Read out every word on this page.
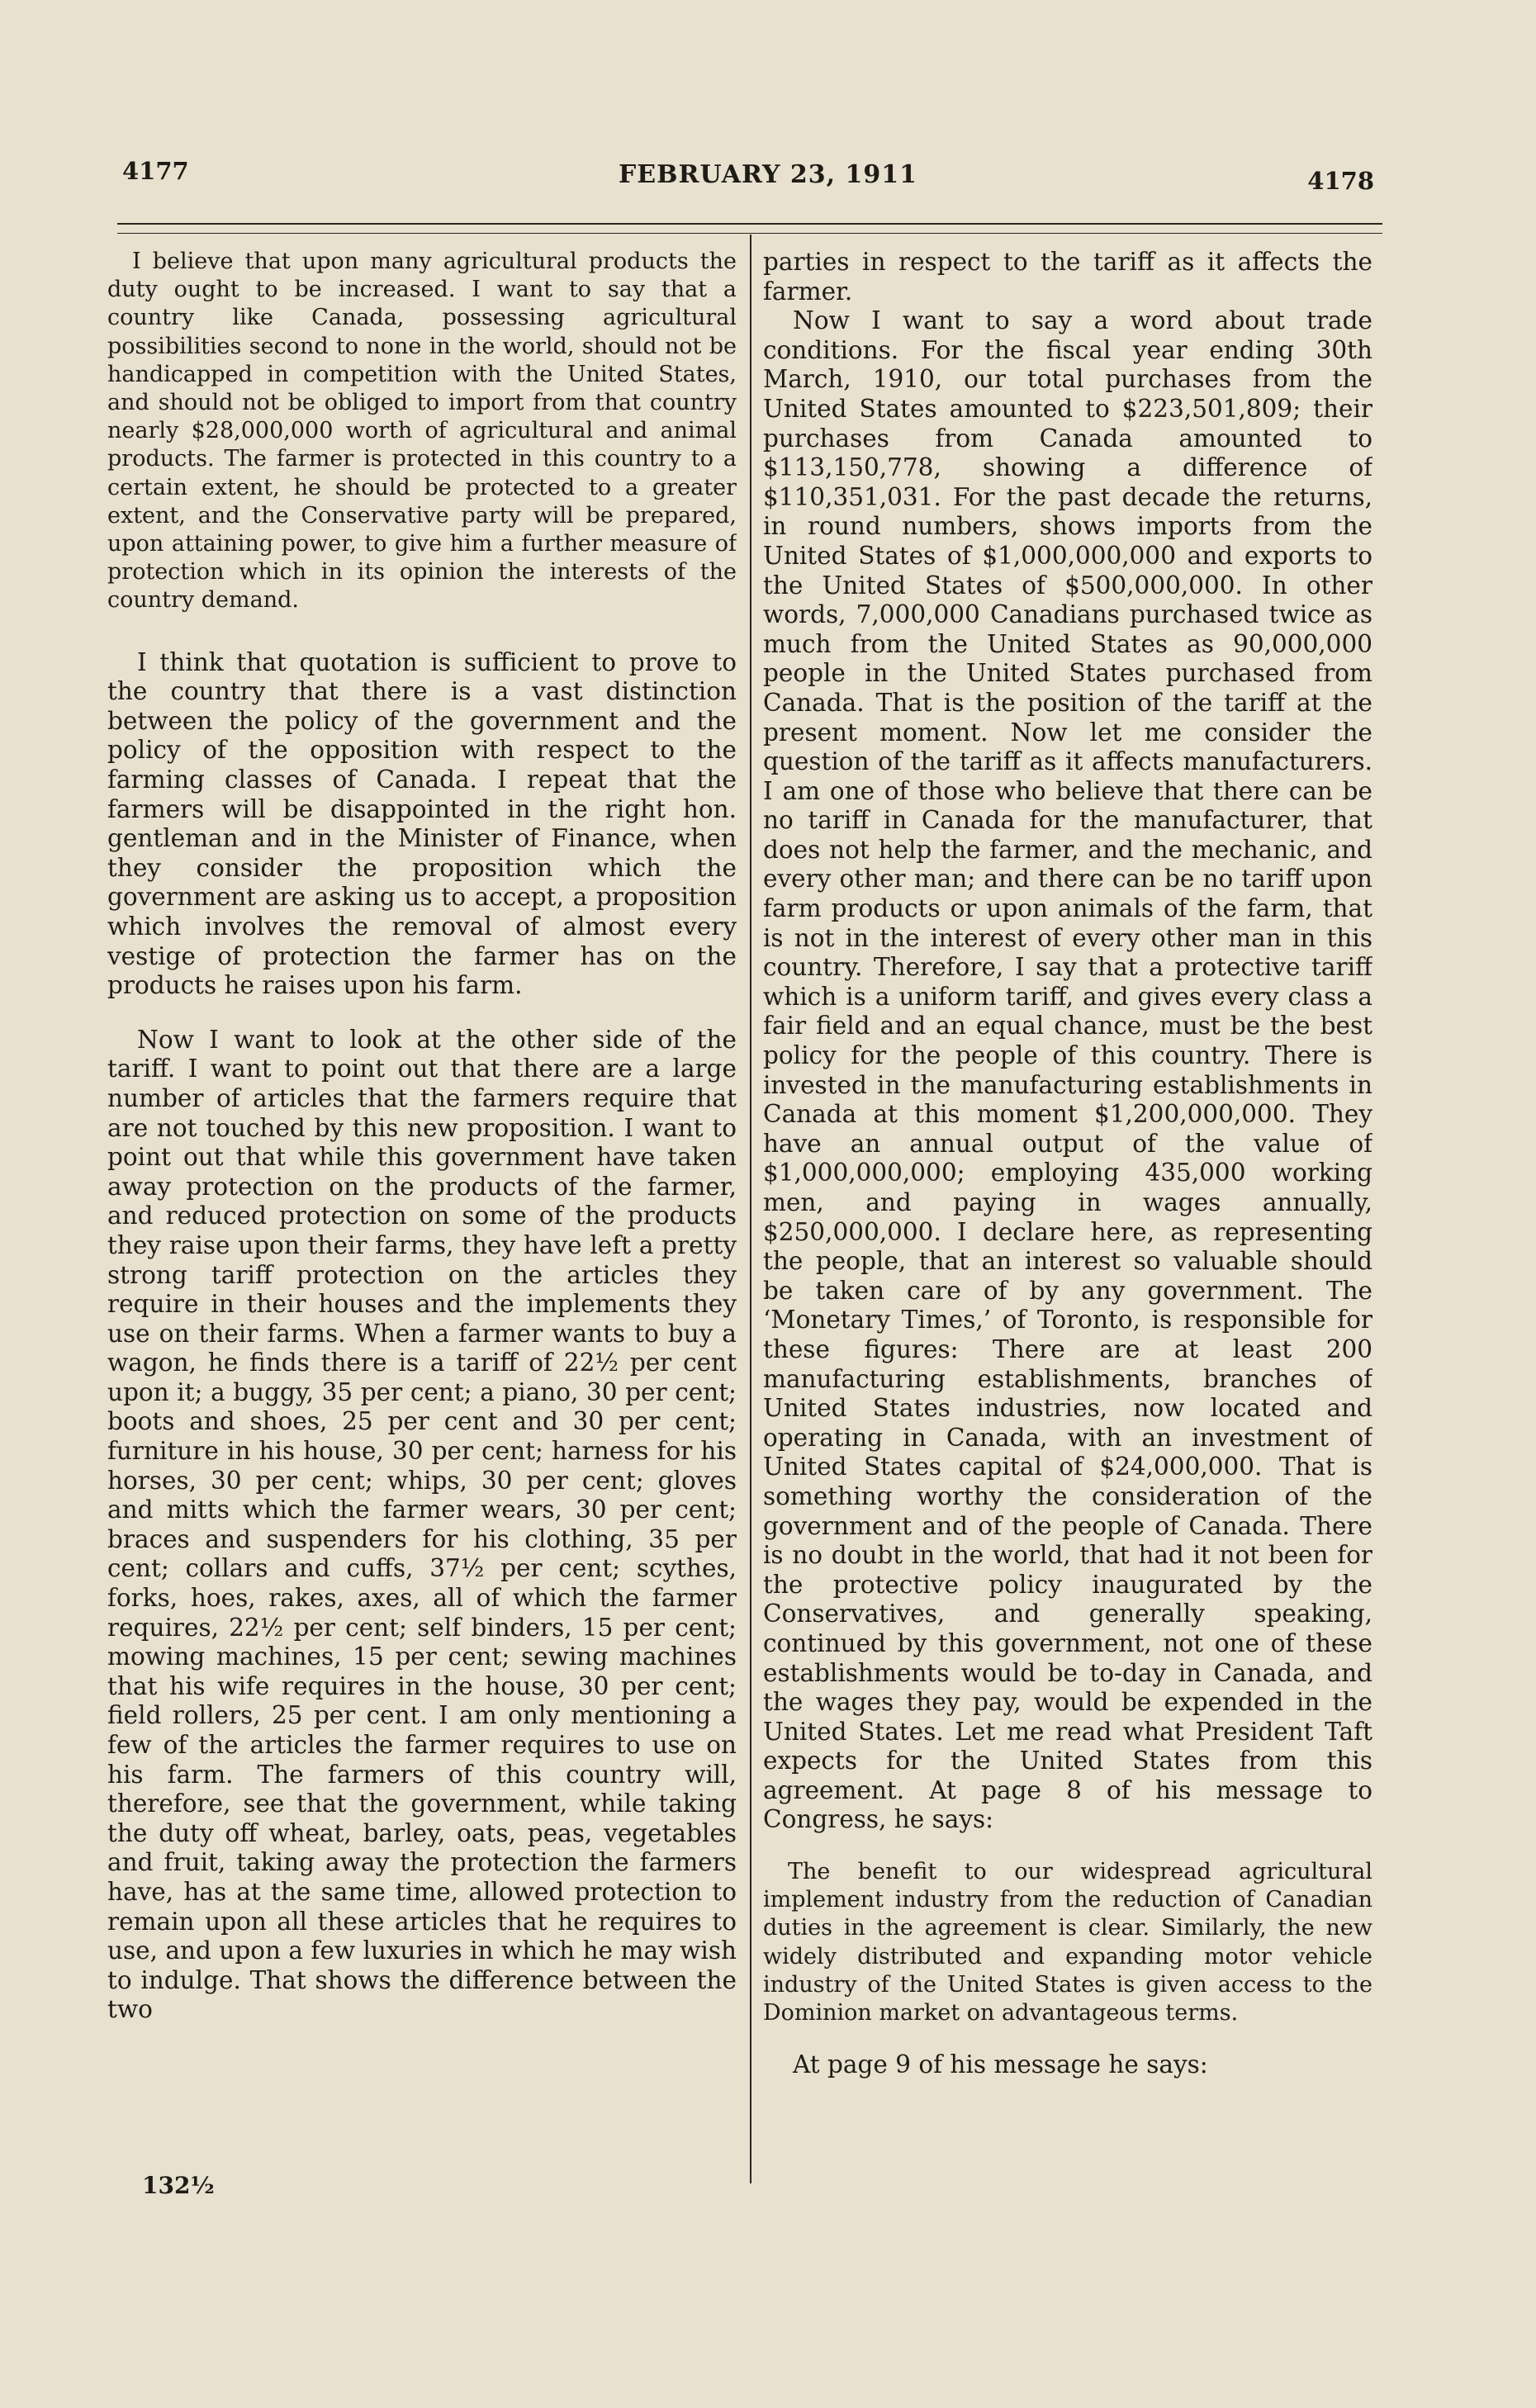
4177	FEBRUARY 23, 1911	4178

I believe that upon many agricultural products the duty ought to be increased. I want to say that a country like Canada, possessing agricultural possibilities second to none in the world, should not be handicapped in competition with the United States, and should not be obliged to import from that country nearly $28,000,000 worth of agricultural and animal products. The farmer is protected in this country to a certain extent, he should be protected to a greater extent, and the Conservative party will be prepared, upon attaining power, to give him a further measure of protection which in its opinion the interests of the country demand.

I think that quotation is sufficient to prove to the country that there is a vast distinction between the policy of the government and the policy of the opposition with respect to the farming classes of Canada. I repeat that the farmers will be disappointed in the right hon. gentleman and in the Minister of Finance, when they consider the proposition which the government are asking us to accept, a proposition which involves the removal of almost every vestige of protection the farmer has on the products he raises upon his farm.

Now I want to look at the other side of the tariff. I want to point out that there are a large number of articles that the farmers require that are not touched by this new proposition. I want to point out that while this government have taken away protection on the products of the farmer, and reduced protection on some of the products they raise upon their farms, they have left a pretty strong tariff protection on the articles they require in their houses and the implements they use on their farms. When a farmer wants to buy a wagon, he finds there is a tariff of 22½ per cent upon it; a buggy, 35 per cent; a piano, 30 per cent; boots and shoes, 25 per cent and 30 per cent; furniture in his house, 30 per cent; harness for his horses, 30 per cent; whips, 30 per cent; gloves and mitts which the farmer wears, 30 per cent; braces and suspenders for his clothing, 35 per cent; collars and cuffs, 37½ per cent; scythes, forks, hoes, rakes, axes, all of which the farmer requires, 22½ per cent; self binders, 15 per cent; mowing machines, 15 per cent; sewing machines that his wife requires in the house, 30 per cent; field rollers, 25 per cent. I am only mentioning a few of the articles the farmer requires to use on his farm. The farmers of this country will, therefore, see that the government, while taking the duty off wheat, barley, oats, peas, vegetables and fruit, taking away the protection the farmers have, has at the same time, allowed protection to remain upon all these articles that he requires to use, and upon a few luxuries in which he may wish to indulge. That shows the difference between the two

parties in respect to the tariff as it affects the farmer.

Now I want to say a word about trade conditions. For the fiscal year ending 30th March, 1910, our total purchases from the United States amounted to $223,501,809; their purchases from Canada amounted to $113,150,778, showing a difference of $110,351,031. For the past decade the returns, in round numbers, shows imports from the United States of $1,000,000,000 and exports to the United States of $500,000,000. In other words, 7,000,000 Canadians purchased twice as much from the United States as 90,000,000 people in the United States purchased from Canada. That is the position of the tariff at the present moment. Now let me consider the question of the tariff as it affects manufacturers. I am one of those who believe that there can be no tariff in Canada for the manufacturer, that does not help the farmer, and the mechanic, and every other man; and there can be no tariff upon farm products or upon animals of the farm, that is not in the interest of every other man in this country. Therefore, I say that a protective tariff which is a uniform tariff, and gives every class a fair field and an equal chance, must be the best policy for the people of this country. There is invested in the manufacturing establishments in Canada at this moment $1,200,000,000. They have an annual output of the value of $1,000,000,000; employing 435,000 working men, and paying in wages annually, $250,000,000. I declare here, as representing the people, that an interest so valuable should be taken care of by any government. The ‘Monetary Times,’ of Toronto, is responsible for these figures: There are at least 200 manufacturing establishments, branches of United States industries, now located and operating in Canada, with an investment of United States capital of $24,000,000. That is something worthy the consideration of the government and of the people of Canada. There is no doubt in the world, that had it not been for the protective policy inaugurated by the Conservatives, and generally speaking, continued by this government, not one of these establishments would be to-day in Canada, and the wages they pay, would be expended in the United States. Let me read what President Taft expects for the United States from this agreement. At page 8 of his message to Congress, he says:

The benefit to our widespread agricultural implement industry from the reduction of Canadian duties in the agreement is clear. Similarly, the new widely distributed and expanding motor vehicle industry of the United States is given access to the Dominion market on advantageous terms.

At page 9 of his message he says:

132½
